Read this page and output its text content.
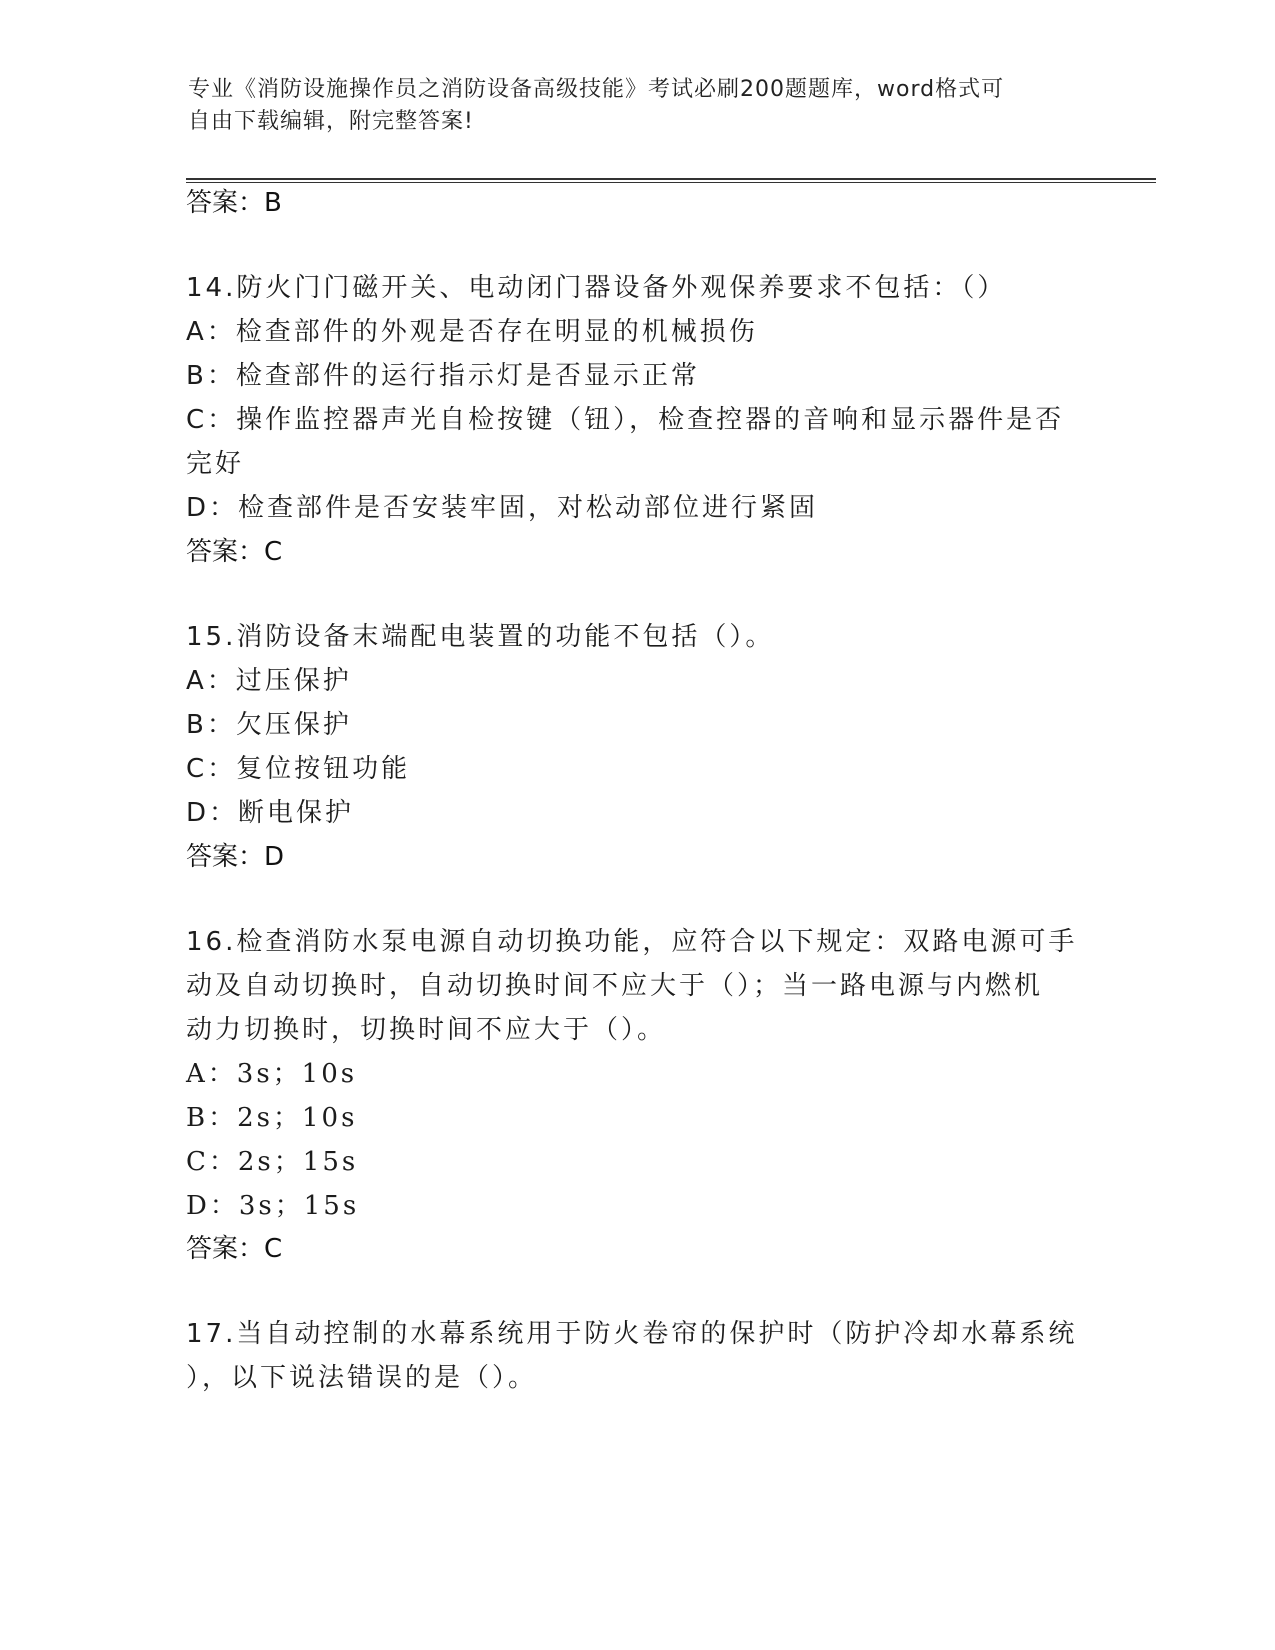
专业《消防设施操作员之消防设备高级技能》考试必刷200题题库，word格式可
自由下载编辑，附完整答案!
答案：B
14.防火门门磁开关、电动闭门器设备外观保养要求不包括：（）
A：检查部件的外观是否存在明显的机械损伤
B：检查部件的运行指示灯是否显示正常
C：操作监控器声光自检按键（钮），检查控器的音响和显示器件是否
完好
D：检查部件是否安装牢固，对松动部位进行紧固
答案：C
15.消防设备末端配电装置的功能不包括（）。
A：过压保护
B：欠压保护
C：复位按钮功能
D：断电保护
答案：D
16.检查消防水泵电源自动切换功能，应符合以下规定：双路电源可手
动及自动切换时，自动切换时间不应大于（）；当一路电源与内燃机
动力切换时，切换时间不应大于（）。
A：3s；10s
B：2s；10s
C：2s；15s
D：3s；15s
答案：C
17.当自动控制的水幕系统用于防火卷帘的保护时（防护冷却水幕系统
），以下说法错误的是（）。
